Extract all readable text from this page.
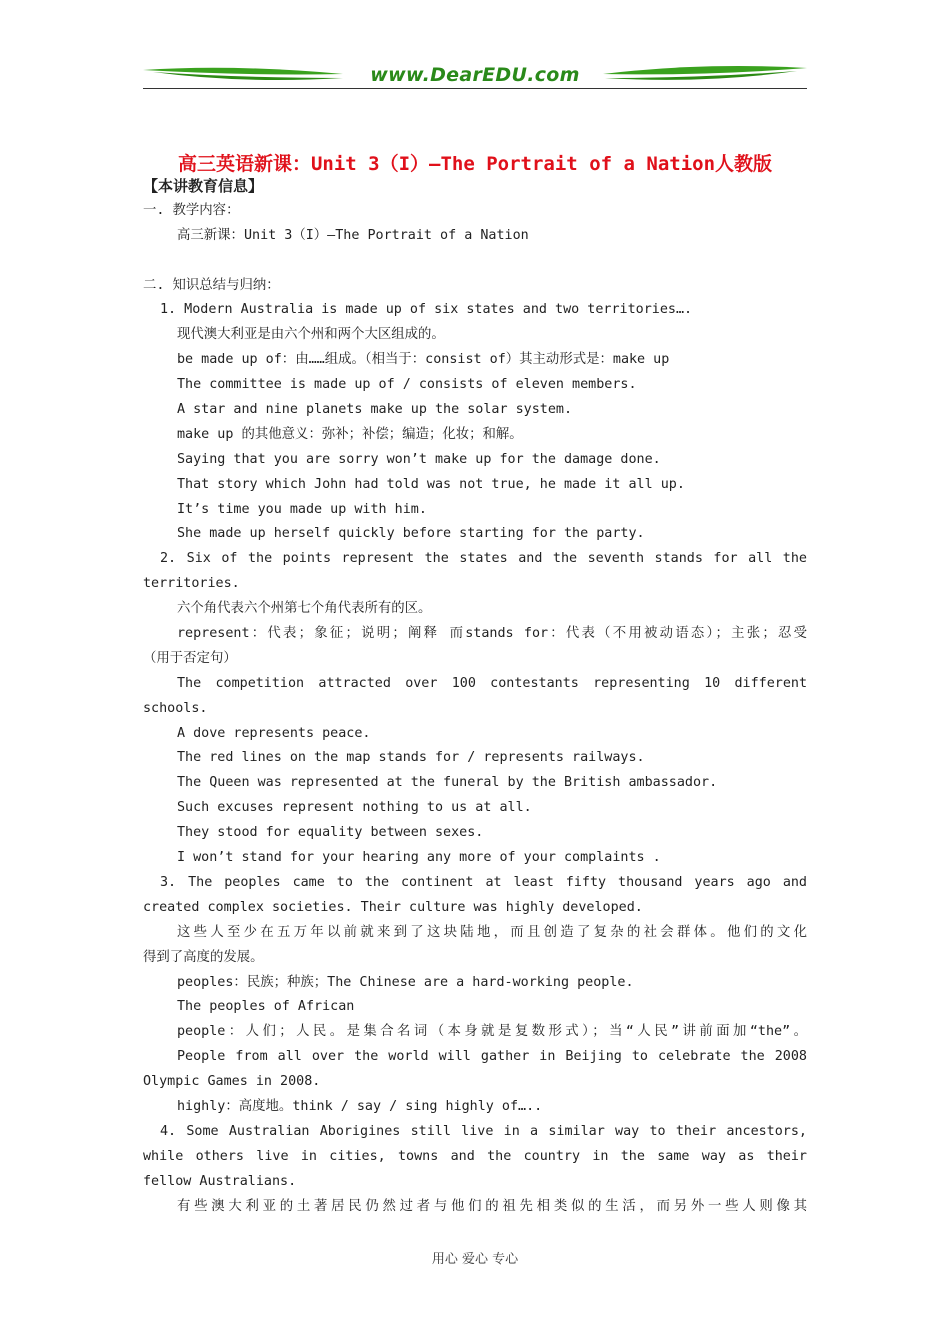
www.DearEDU.com
高三英语新课：Unit 3（I）—The Portrait of a Nation人教版
【本讲教育信息】
一. 教学内容：
高三新课：Unit 3（I）—The Portrait of a Nation
二. 知识总结与归纳：
1. Modern Australia is made up of six states and two territories….
现代澳大利亚是由六个州和两个大区组成的。
be made up of：由……组成。（相当于：consist of）其主动形式是：make up
The committee is made up of / consists of eleven members.
A star and nine planets make up the solar system.
make up 的其他意义：弥补；补偿；编造；化妆；和解。
Saying that you are sorry won’t make up for the damage done.
That story which John had told was not true, he made it all up.
It’s time you made up with him.
She made up herself quickly before starting for the party.
2. Six of the points represent the states and the seventh stands for all the
territories.
六个角代表六个州第七个角代表所有的区。
represent：代表；象征；说明；阐释 而stands for：代表（不用被动语态）；主张；忍受
（用于否定句）
The competition attracted over 100 contestants representing 10 different
schools.
A dove represents peace.
The red lines on the map stands for / represents railways.
The Queen was represented at the funeral by the British ambassador.
Such excuses represent nothing to us at all.
They stood for equality between sexes.
I won’t stand for your hearing any more of your complaints .
3. The peoples came to the continent at least fifty thousand years ago and
created complex societies. Their culture was highly developed.
这些人至少在五万年以前就来到了这块陆地，而且创造了复杂的社会群体。他们的文化
得到了高度的发展。
peoples：民族；种族；The Chinese are a hard-working people.
The peoples of African
people：人们；人民。是集合名词（本身就是复数形式）；当“人民”讲前面加“the”。
People from all over the world will gather in Beijing to celebrate the 2008
Olympic Games in 2008.
highly：高度地。think / say / sing highly of…..
4. Some Australian Aborigines still live in a similar way to their ancestors,
while others live in cities, towns and the country in the same way as their
fellow Australians.
有些澳大利亚的土著居民仍然过者与他们的祖先相类似的生活，而另外一些人则像其
用心 爱心 专心
